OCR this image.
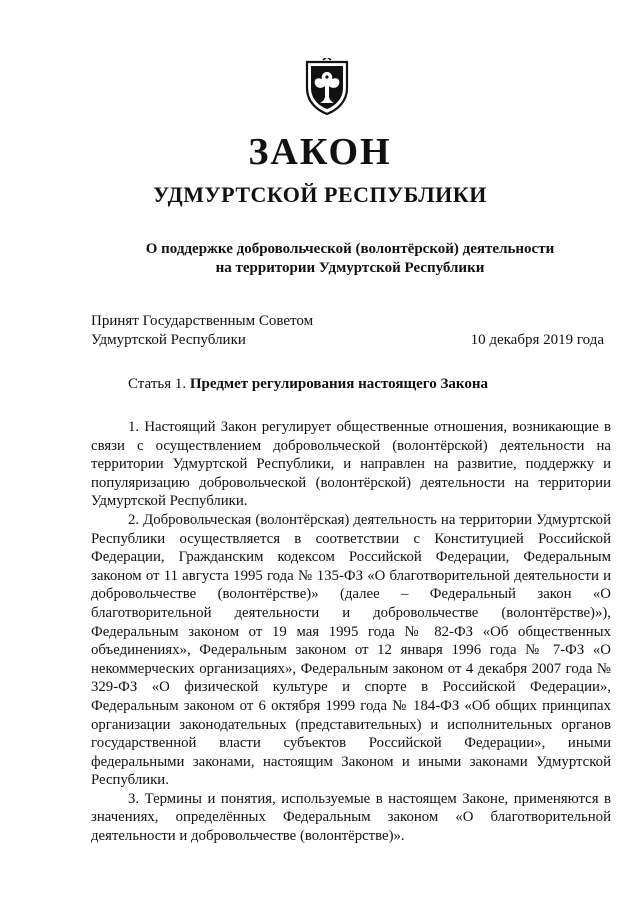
ЗАКОН
УДМУРТСКОЙ РЕСПУБЛИКИ
О поддержке добровольческой (волонтёрской) деятельности
на территории Удмуртской Республики
Принят Государственным Советом
Удмуртской Республики	10 декабря 2019 года
Статья 1. Предмет регулирования настоящего Закона

1. Настоящий Закон регулирует общественные отношения, возникающие в связи с осуществлением добровольческой (волонтёрской) деятельности на территории Удмуртской Республики, и направлен на развитие, поддержку и популяризацию добровольческой (волонтёрской) деятельности на территории Удмуртской Республики.

2. Добровольческая (волонтёрская) деятельность на территории Удмуртской Республики осуществляется в соответствии с Конституцией Российской Федерации, Гражданским кодексом Российской Федерации, Федеральным законом от 11 августа 1995 года № 135-ФЗ «О благотворительной деятельности и добровольчестве (волонтёрстве)» (далее – Федеральный закон «О благотворительной деятельности и добровольчестве (волонтёрстве)»), Федеральным законом от 19 мая 1995 года № 82-ФЗ «Об общественных объединениях», Федеральным законом от 12 января 1996 года № 7-ФЗ «О некоммерческих организациях», Федеральным законом от 4 декабря 2007 года № 329-ФЗ «О физической культуре и спорте в Российской Федерации», Федеральным законом от 6 октября 1999 года № 184-ФЗ «Об общих принципах организации законодательных (представительных) и исполнительных органов государственной власти субъектов Российской Федерации», иными федеральными законами, настоящим Законом и иными законами Удмуртской Республики.

3. Термины и понятия, используемые в настоящем Законе, применяются в значениях, определённых Федеральным законом «О благотворительной деятельности и добровольчестве (волонтёрстве)».
